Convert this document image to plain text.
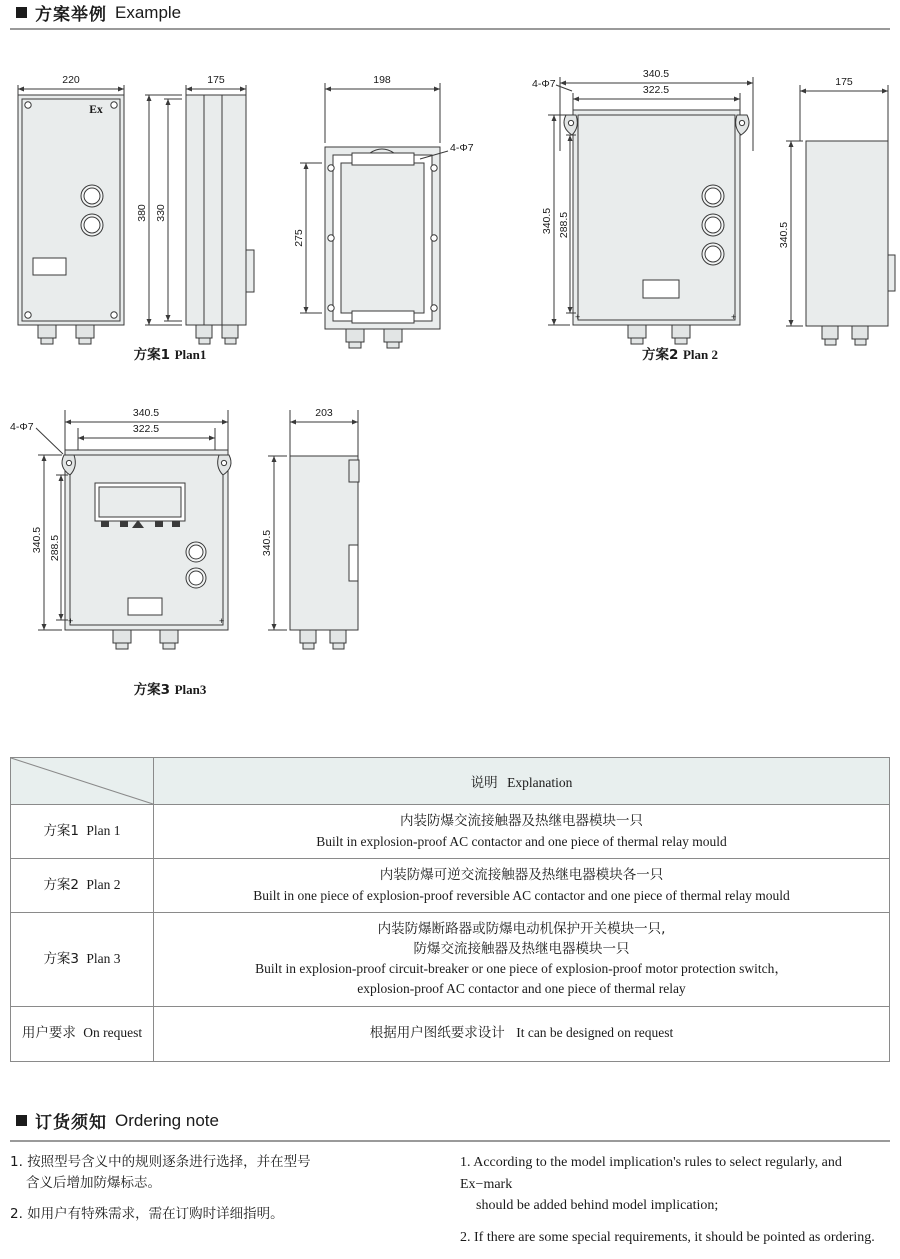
方案举例 Example
220
Ex
175
380 330
198
4-Φ7
275
340.5
322.5
4-Φ7
+	+
340.5 288.5
175
340.5
方案1 Plan1	方案2 Plan 2
340.5
322.5
4-Φ7
+	+
340.5 288.5
203
340.5
方案3 Plan3
	说明 Explanation
方案1 Plan 1	内装防爆交流接触器及热继电器模块一只
Built in explosion-proof AC contactor and one piece of thermal relay mould

方案2 Plan 2	内装防爆可逆交流接触器及热继电器模块各一只
Built in one piece of explosion-proof reversible AC contactor and one piece of thermal relay mould

方案3 Plan 3	内装防爆断路器或防爆电动机保护开关模块一只,
防爆交流接触器及热继电器模块一只
Built in explosion-proof circuit-breaker or one piece of explosion-proof motor protection switch，
explosion-proof AC contactor and one piece of thermal relay

用户要求 On request	根据用户图纸要求设计 It can be designed on request
订货须知 Ordering note

1. 按照型号含义中的规则逐条进行选择，并在型号
含义后增加防爆标志。

2. 如用户有特殊需求，需在订购时详细指明。

1. According to the model implication's rules to select regularly, and Ex−mark
should be added behind model implication;

2. If there are some special requirements, it should be pointed as ordering.
